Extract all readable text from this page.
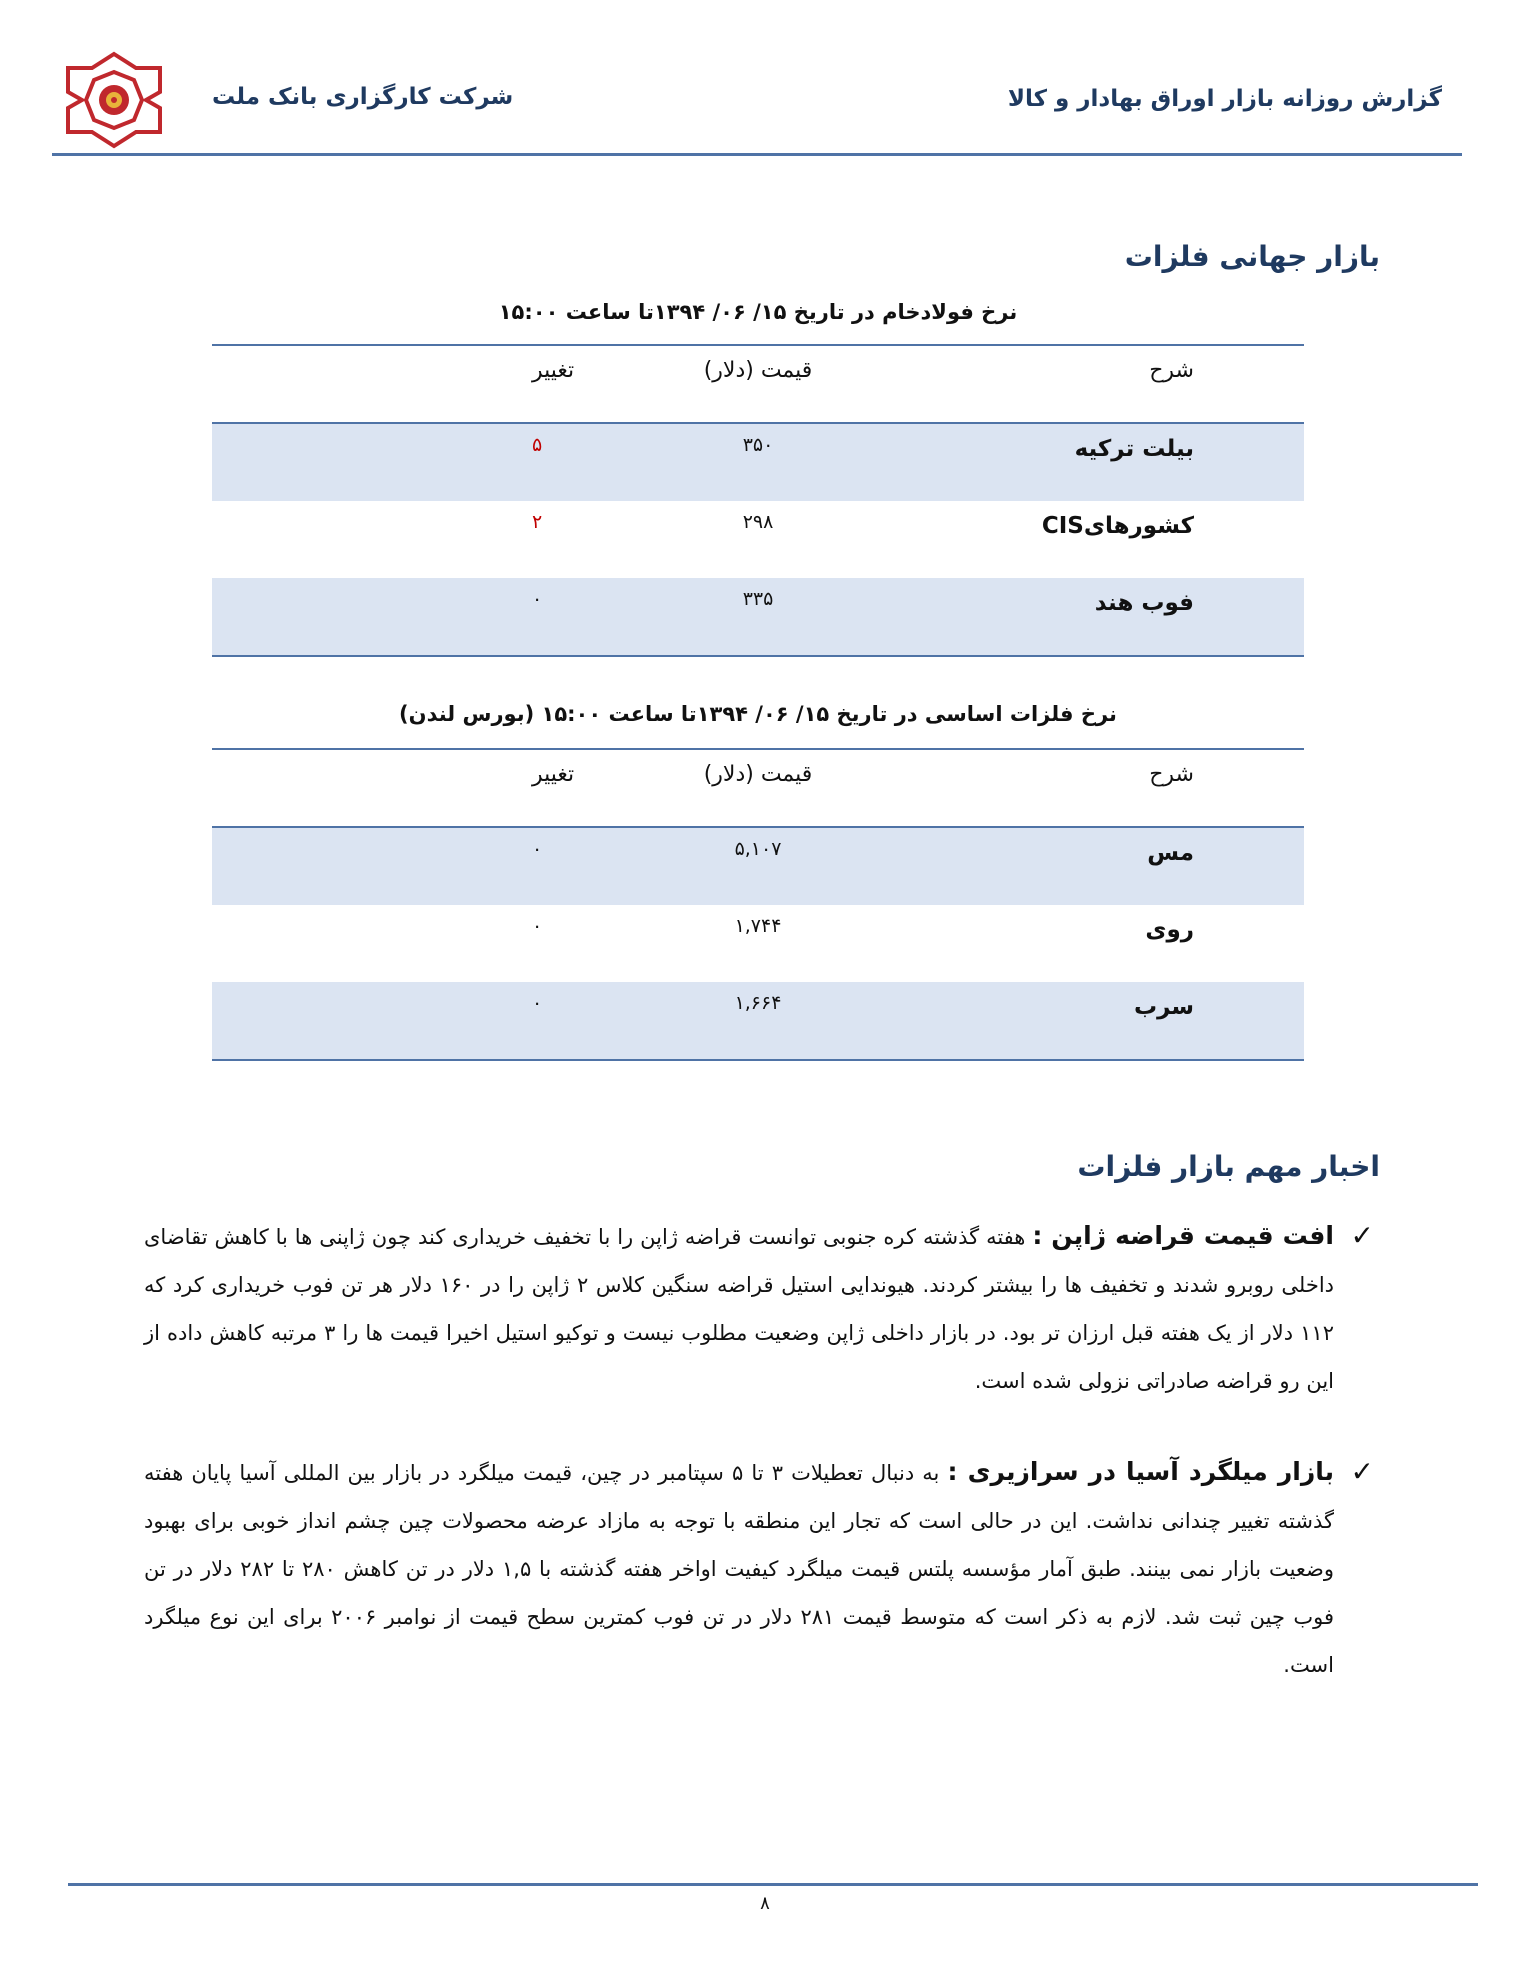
شرکت کارگزاری بانک ملت	گزارش روزانه بازار اوراق بهادار و کالا
بازار جهانی فلزات
نرخ فولادخام در تاریخ ۱۵/ ۰۶/ ۱۳۹۴تا ساعت ۱۵:۰۰
شرح
قیمت (دلار)
تغییر
بیلت ترکیه
۳۵۰
۵
کشورهایCIS
۲۹۸
۲
فوب هند
۳۳۵
۰
نرخ فلزات اساسی در تاریخ ۱۵/ ۰۶/ ۱۳۹۴تا ساعت ۱۵:۰۰ (بورس لندن)
شرح
قیمت (دلار)
تغییر
مس
۵,۱۰۷
۰
روی
۱,۷۴۴
۰
سرب
۱,۶۶۴
۰
اخبار مهم بازار فلزات
✓
افت قیمت قراضه ژاپن : هفته گذشته کره جنوبی توانست قراضه ژاپن را با تخفیف خریداری کند چون ژاپنی ها با کاهش تقاضای داخلی روبرو شدند و تخفیف ها را بیشتر کردند. هیوندایی استیل قراضه سنگین کلاس ۲ ژاپن را در ۱۶۰ دلار هر تن فوب خریداری کرد که ۱۱۲ دلار از یک هفته قبل ارزان تر بود. در بازار داخلی ژاپن وضعیت مطلوب نیست و توکیو استیل اخیرا قیمت ها را ۳ مرتبه کاهش داده از این رو قراضه صادراتی نزولی شده است.
✓
بازار میلگرد آسیا در سرازیری : به دنبال تعطیلات ۳ تا ۵ سپتامبر در چین، قیمت میلگرد در بازار بین المللی آسیا پایان هفته گذشته تغییر چندانی نداشت. این در حالی است که تجار این منطقه با توجه به مازاد عرضه محصولات چین چشم انداز خوبی برای بهبود وضعیت بازار نمی بینند. طبق آمار مؤسسه پلتس قیمت میلگرد کیفیت اواخر هفته گذشته با ۱,۵ دلار در تن کاهش ۲۸۰ تا ۲۸۲ دلار در تن فوب چین ثبت شد. لازم به ذکر است که متوسط قیمت ۲۸۱ دلار در تن فوب کمترین سطح قیمت از نوامبر ۲۰۰۶ برای این نوع میلگرد است.
۸
